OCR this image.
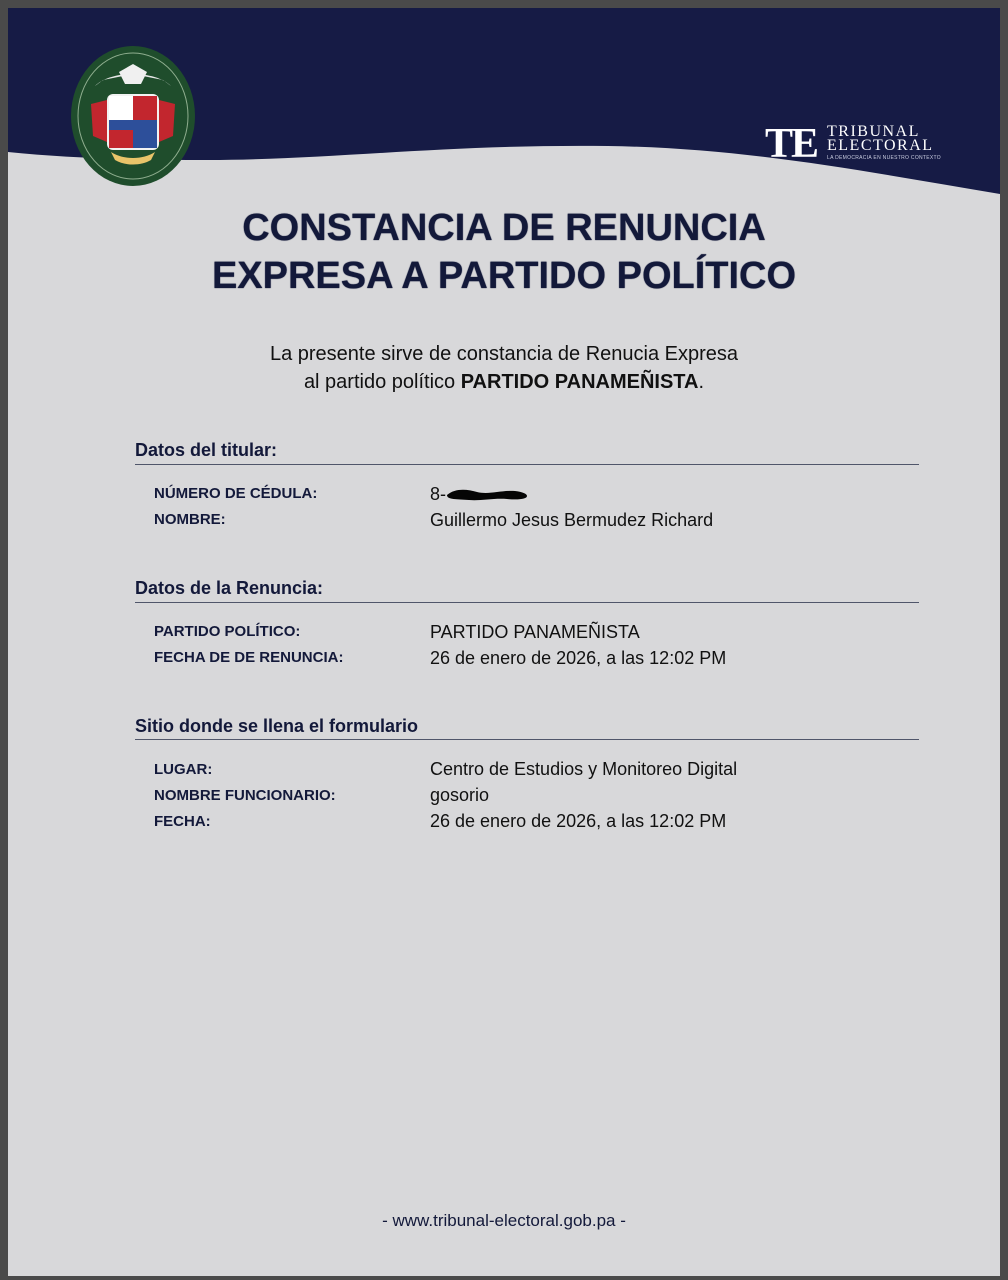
TE TRIBUNAL
ELECTORAL
LA DEMOCRACIA EN NUESTRO CONTEXTO
CONSTANCIA DE RENUNCIA
EXPRESA A PARTIDO POLÍTICO
La presente sirve de constancia de Renucia Expresa
al partido político PARTIDO PANAMEÑISTA.
Datos del titular:
NÚMERO DE CÉDULA:	8-
NOMBRE:	Guillermo Jesus Bermudez Richard
Datos de la Renuncia:
PARTIDO POLÍTICO:	PARTIDO PANAMEÑISTA
FECHA DE DE RENUNCIA:	26 de enero de 2026, a las 12:02 PM
Sitio donde se llena el formulario
LUGAR:	Centro de Estudios y Monitoreo Digital
NOMBRE FUNCIONARIO:	gosorio
FECHA:	26 de enero de 2026, a las 12:02 PM
- www.tribunal-electoral.gob.pa -
